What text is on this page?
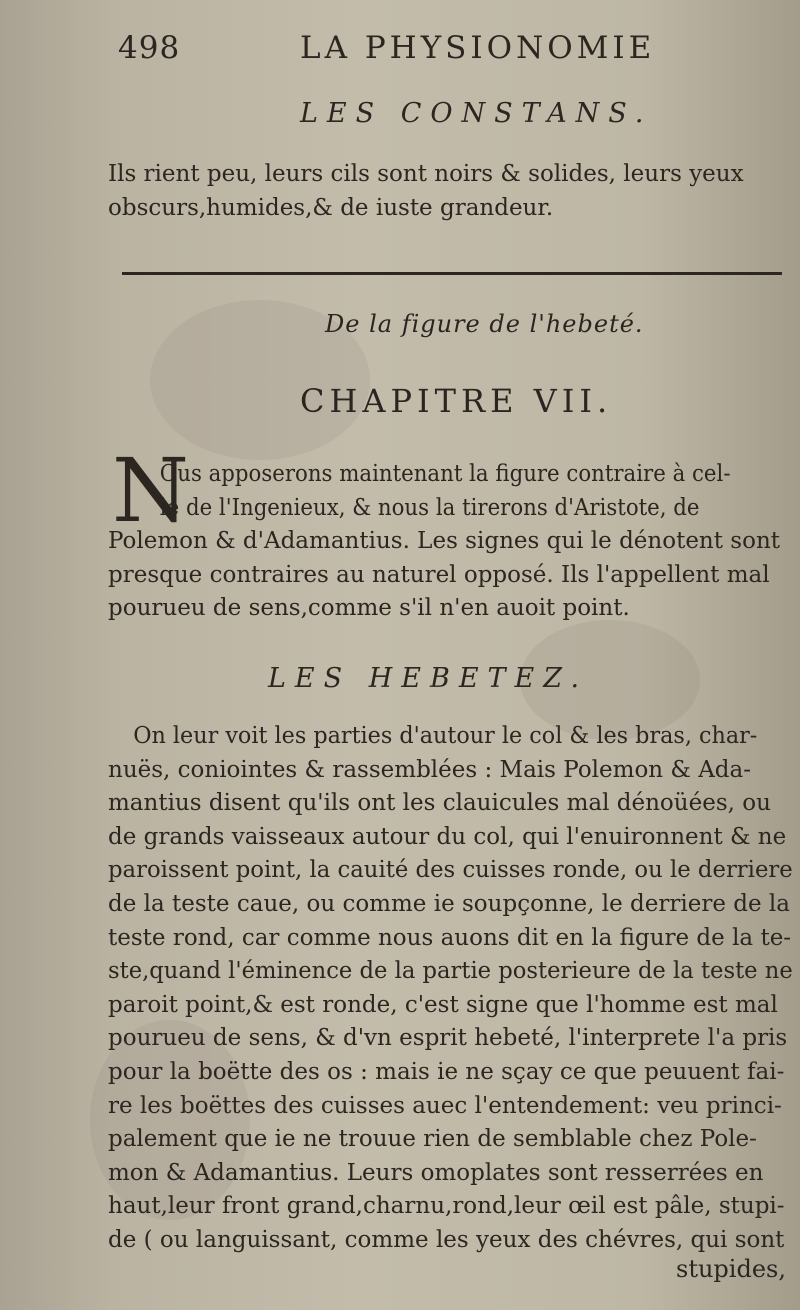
498	LA PHYSIONOMIE
LES CONSTANS.
Ils rient peu, leurs cils sont noirs & solides, leurs yeux
obscurs,humides,& de iuste grandeur.
De la figure de l'hebeté.
CHAPITRE VII.
N
Ous apposerons maintenant la figure contraire à cel-
le de l'Ingenieux, & nous la tirerons d'Aristote, de
Polemon & d'Adamantius. Les signes qui le dénotent sont
presque contraires au naturel opposé. Ils l'appellent mal
pourueu de sens,comme s'il n'en auoit point.
LES HEBETEZ.
On leur voit les parties d'autour le col & les bras, char-
nuës, coniointes & rassemblées : Mais Polemon & Ada-
mantius disent qu'ils ont les clauicules mal dénoüées, ou
de grands vaisseaux autour du col, qui l'enuironnent & ne
paroissent point, la cauité des cuisses ronde, ou le derriere
de la teste caue, ou comme ie soupçonne, le derriere de la
teste rond, car comme nous auons dit en la figure de la te-
ste,quand l'éminence de la partie posterieure de la teste ne
paroit point,& est ronde, c'est signe que l'homme est mal
pourueu de sens, & d'vn esprit hebeté, l'interprete l'a pris
pour la boëtte des os : mais ie ne sçay ce que peuuent fai-
re les boëttes des cuisses auec l'entendement: veu princi-
palement que ie ne trouue rien de semblable chez Pole-
mon & Adamantius. Leurs omoplates sont resserrées en
haut,leur front grand,charnu,rond,leur œil est pâle, stupi-
de ( ou languissant, comme les yeux des chévres, qui sont
stupides,
